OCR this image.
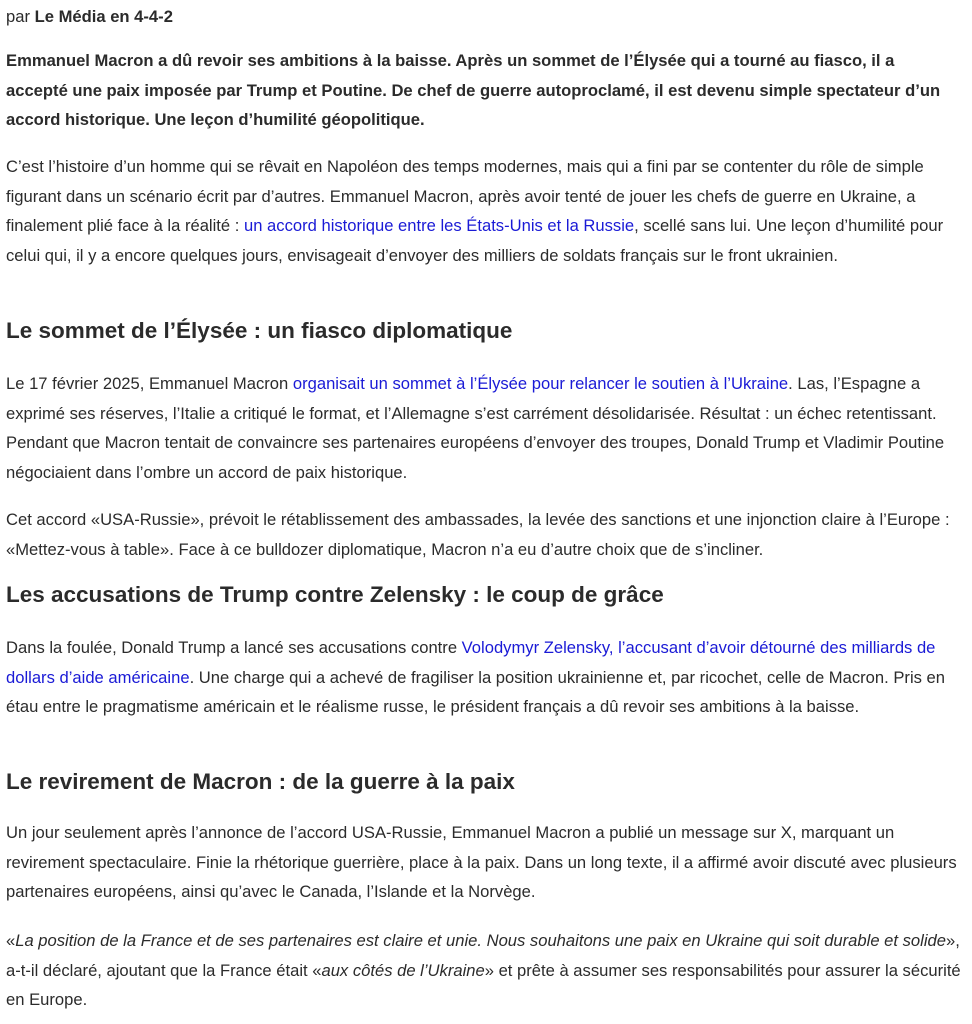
par Le Média en 4-4-2

Emmanuel Macron a dû revoir ses ambitions à la baisse. Après un sommet de l’Élysée qui a tourné au fiasco, il a accepté une paix imposée par Trump et Poutine. De chef de guerre autoproclamé, il est devenu simple spectateur d’un accord historique. Une leçon d’humilité géopolitique.

C’est l’histoire d’un homme qui se rêvait en Napoléon des temps modernes, mais qui a fini par se contenter du rôle de simple figurant dans un scénario écrit par d’autres. Emmanuel Macron, après avoir tenté de jouer les chefs de guerre en Ukraine, a finalement plié face à la réalité : un accord historique entre les États-Unis et la Russie, scellé sans lui. Une leçon d’humilité pour celui qui, il y a encore quelques jours, envisageait d’envoyer des milliers de soldats français sur le front ukrainien.

Le sommet de l’Élysée : un fiasco diplomatique

Le 17 février 2025, Emmanuel Macron organisait un sommet à l’Élysée pour relancer le soutien à l’Ukraine. Las, l’Espagne a exprimé ses réserves, l’Italie a critiqué le format, et l’Allemagne s’est carrément désolidarisée. Résultat : un échec retentissant. Pendant que Macron tentait de convaincre ses partenaires européens d’envoyer des troupes, Donald Trump et Vladimir Poutine négociaient dans l’ombre un accord de paix historique.

Cet accord «USA-Russie», prévoit le rétablissement des ambassades, la levée des sanctions et une injonction claire à l’Europe : «Mettez-vous à table». Face à ce bulldozer diplomatique, Macron n’a eu d’autre choix que de s’incliner.

Les accusations de Trump contre Zelensky : le coup de grâce

Dans la foulée, Donald Trump a lancé ses accusations contre Volodymyr Zelensky, l’accusant d’avoir détourné des milliards de dollars d’aide américaine. Une charge qui a achevé de fragiliser la position ukrainienne et, par ricochet, celle de Macron. Pris en étau entre le pragmatisme américain et le réalisme russe, le président français a dû revoir ses ambitions à la baisse.

Le revirement de Macron : de la guerre à la paix

Un jour seulement après l’annonce de l’accord USA-Russie, Emmanuel Macron a publié un message sur X, marquant un revirement spectaculaire. Finie la rhétorique guerrière, place à la paix. Dans un long texte, il a affirmé avoir discuté avec plusieurs partenaires européens, ainsi qu’avec le Canada, l’Islande et la Norvège.

«La position de la France et de ses partenaires est claire et unie. Nous souhaitons une paix en Ukraine qui soit durable et solide», a-t-il déclaré, ajoutant que la France était «aux côtés de l’Ukraine» et prête à assumer ses responsabilités pour assurer la sécurité en Europe.
